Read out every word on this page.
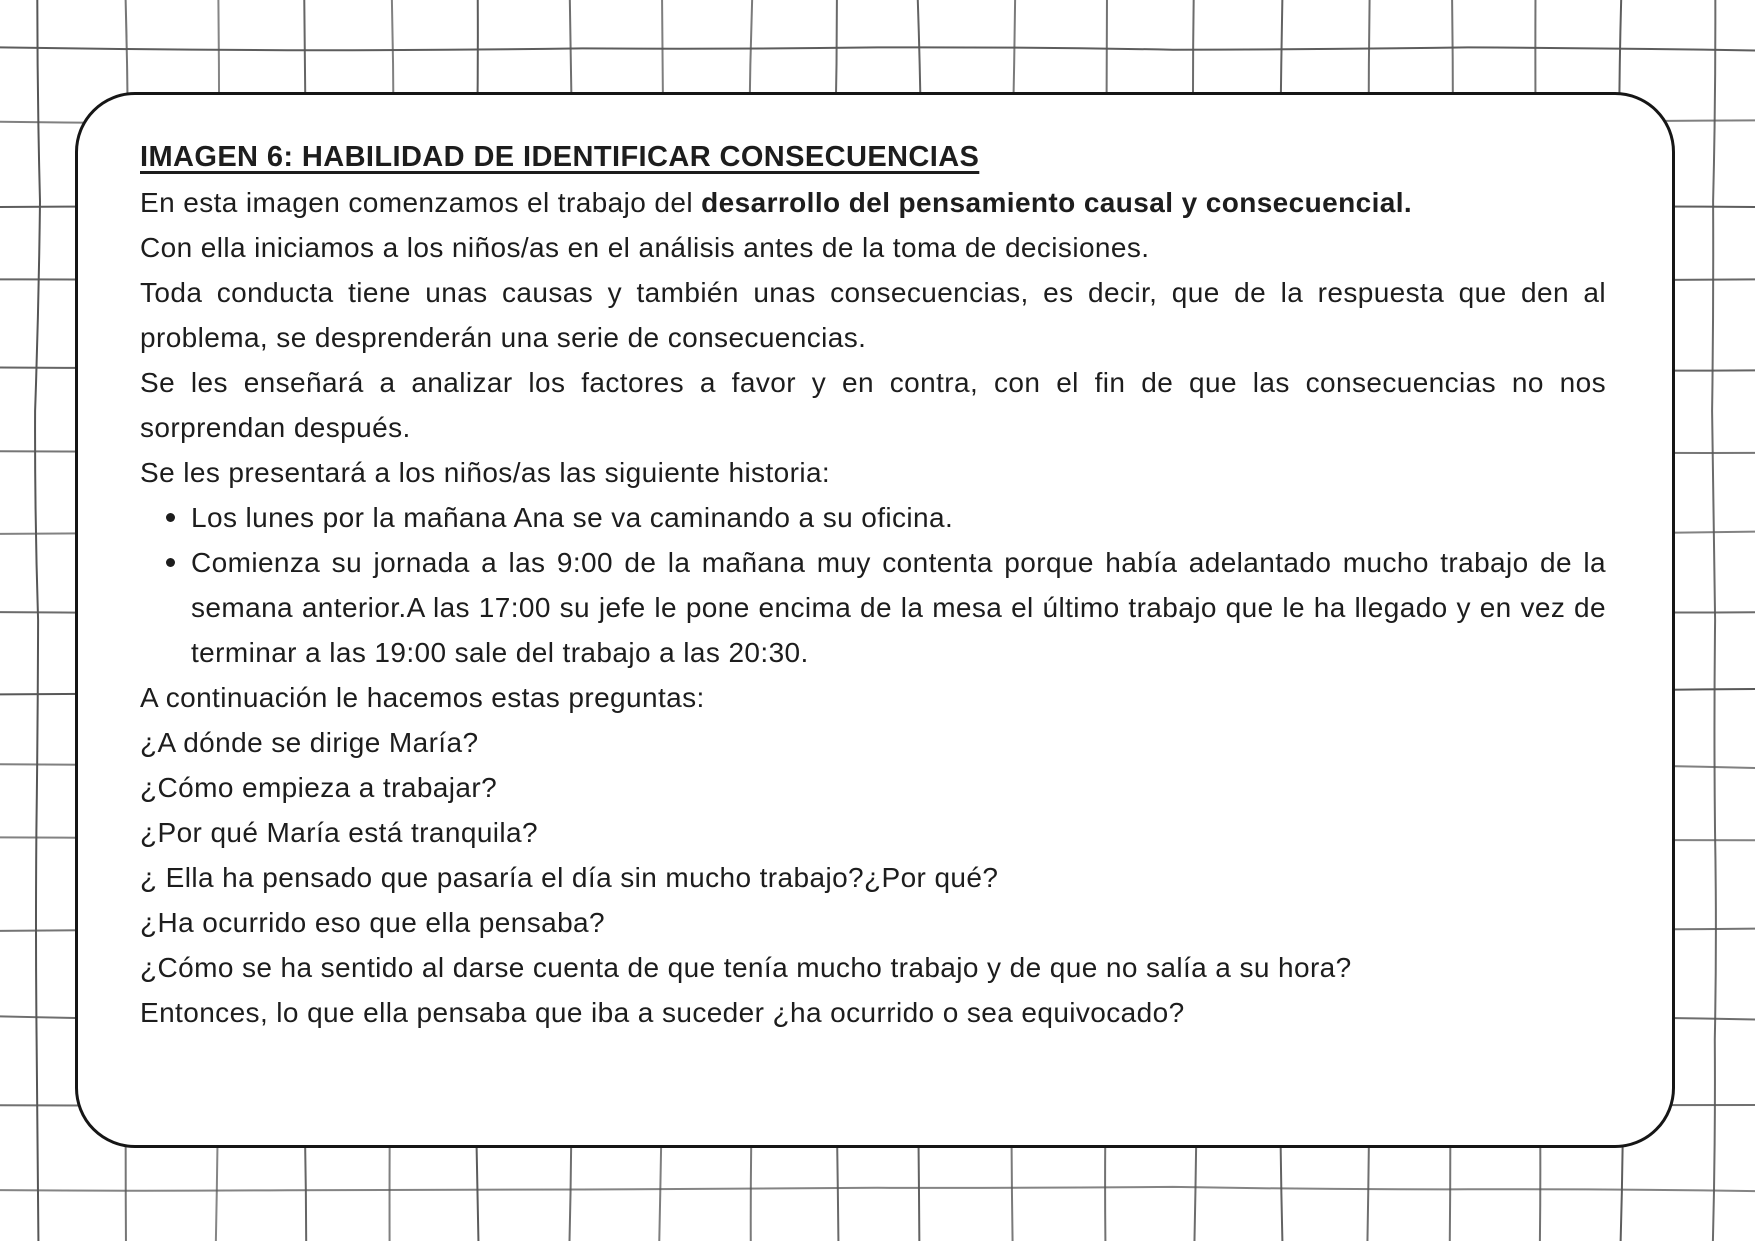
IMAGEN 6: HABILIDAD DE IDENTIFICAR CONSECUENCIAS

En esta imagen comenzamos el trabajo del desarrollo del pensamiento causal y consecuencial.

Con ella iniciamos a los niños/as en el análisis antes de la toma de decisiones.

Toda conducta tiene unas causas y también unas consecuencias, es decir, que de la respuesta que den al problema, se desprenderán una serie de consecuencias.

Se les enseñará a analizar los factores a favor y en contra, con el fin de que las consecuencias no nos sorprendan después.

Se les presentará a los niños/as las siguiente historia:

Los lunes por la mañana Ana se va caminando a su oficina.
Comienza su jornada a las 9:00 de la mañana muy contenta porque había adelantado mucho trabajo de la semana anterior.A las 17:00 su jefe le pone encima de la mesa el último trabajo que le ha llegado y en vez de terminar a las 19:00 sale del trabajo a las 20:30.

A continuación le hacemos estas preguntas:

¿A dónde se dirige María?

¿Cómo empieza a trabajar?

¿Por qué María está tranquila?

¿ Ella ha pensado que pasaría el día sin mucho trabajo?¿Por qué?

¿Ha ocurrido eso que ella pensaba?

¿Cómo se ha sentido al darse cuenta de que tenía mucho trabajo y de que no salía a su hora?

Entonces, lo que ella pensaba que iba a suceder ¿ha ocurrido o sea equivocado?
